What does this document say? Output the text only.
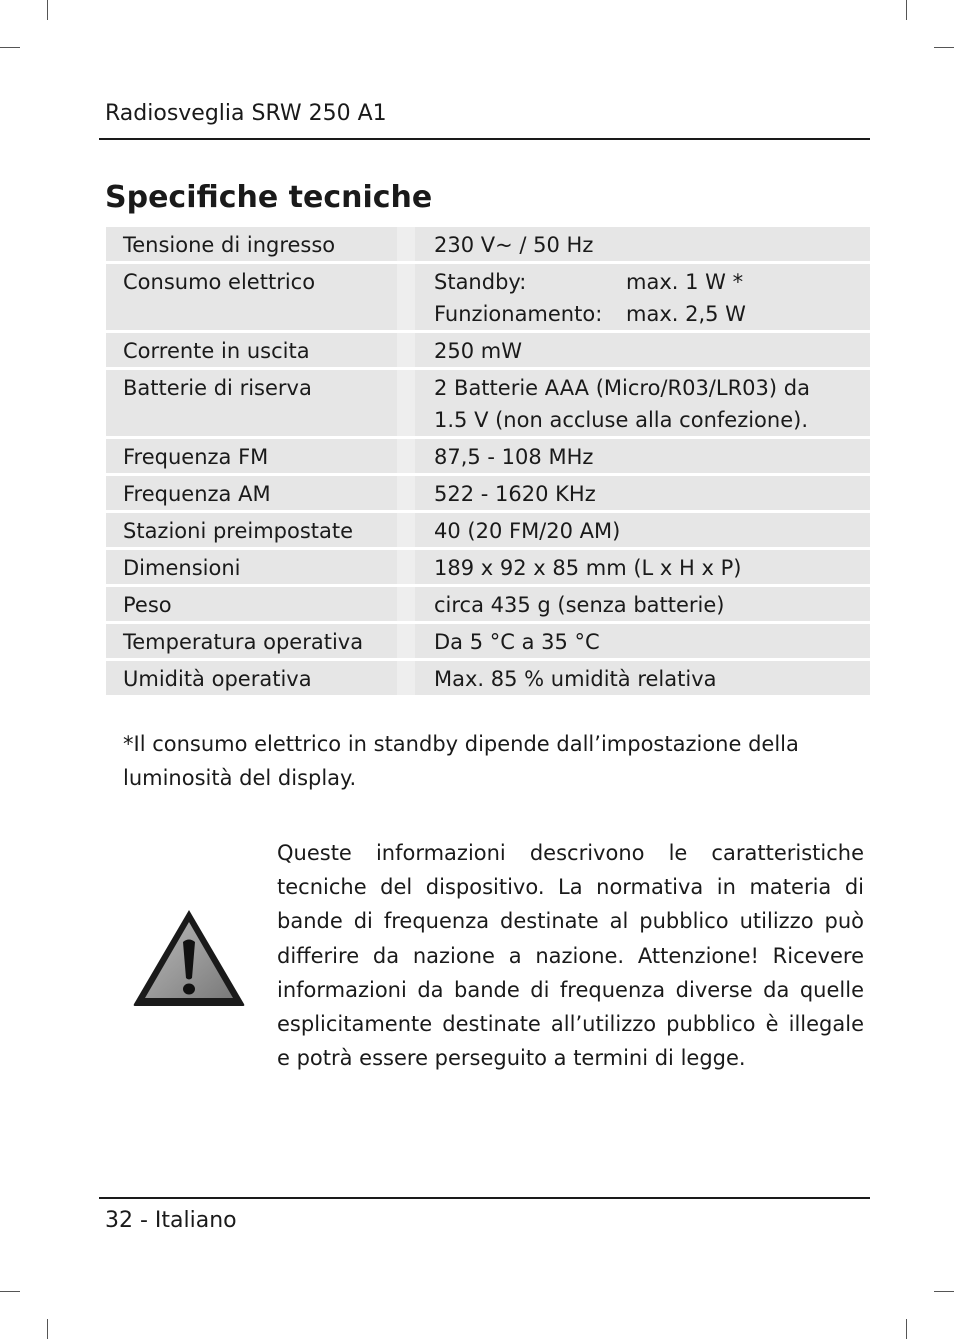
Radiosveglia SRW 250 A1
Specifiche tecniche
Tensione di ingresso	230 V~ / 50 Hz
Consumo elettrico	Standby:	max. 1 W *
Funzionamento:	max. 2,5 W
Corrente in uscita	250 mW
Batterie di riserva	2 Batterie AAA (Micro/R03/LR03) da
1.5 V (non accluse alla confezione).
Frequenza FM	87,5 - 108 MHz
Frequenza AM	522 - 1620 KHz
Stazioni preimpostate	40 (20 FM/20 AM)
Dimensioni	189 x 92 x 85 mm (L x H x P)
Peso	circa 435 g (senza batterie)
Temperatura operativa	Da 5 °C a 35 °C
Umidità operativa	Max. 85 % umidità relativa
*Il consumo elettrico in standby dipende dall’impostazione della luminosità del display.
Queste informazioni descrivono le caratteristiche tecniche del dispositivo. La normativa in materia di bande di frequenza destinate al pubblico utilizzo può differire da nazione a nazione. Attenzione! Ricevere informazioni da bande di frequenza diverse da quelle esplicitamente destinate all’utilizzo pubblico è illegale e potrà essere perseguito a termini di legge.
32 - Italiano
